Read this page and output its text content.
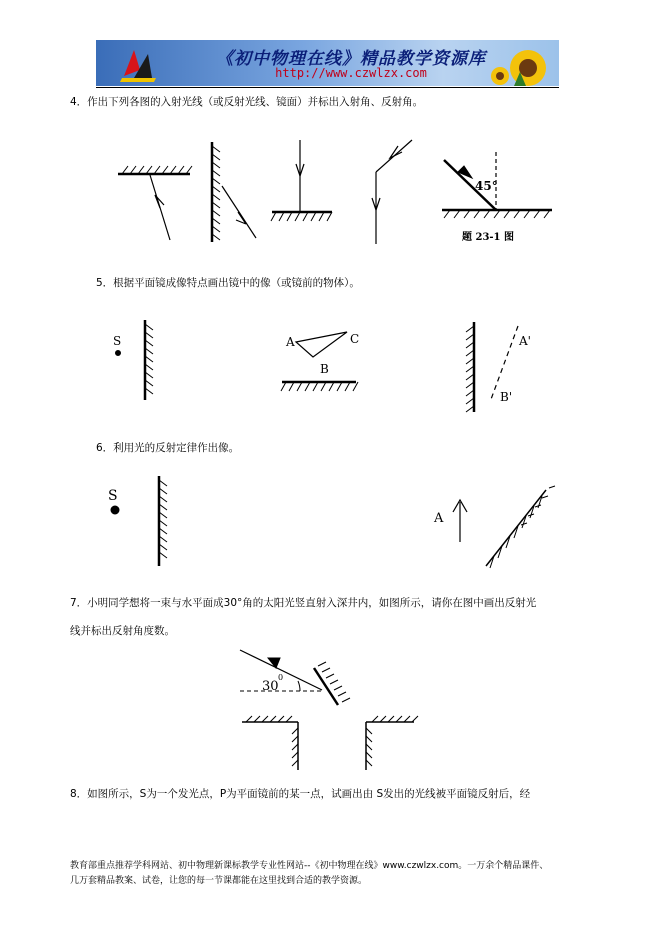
《初中物理在线》精品教学资源库
http://www.czwlzx.com
4．作出下列各图的入射光线（或反射光线、镜面）并标出入射角、反射角。
45°
题 23-1 图
S	A
B
C	A'
B'
S
A
30
0
5．根据平面镜成像特点画出镜中的像（或镜前的物体）。
6．利用光的反射定律作出像。
7．小明同学想将一束与水平面成30°角的太阳光竖直射入深井内，如图所示，请你在图中画出反射光
线并标出反射角度数。
8．如图所示，S为一个发光点，P为平面镜前的某一点，试画出由 S发出的光线被平面镜反射后，经
教育部重点推荐学科网站、初中物理新课标教学专业性网站--《初中物理在线》www.czwlzx.com。一万余个精品课件、
几万套精品教案、试卷，让您的每一节课都能在这里找到合适的教学资源。
